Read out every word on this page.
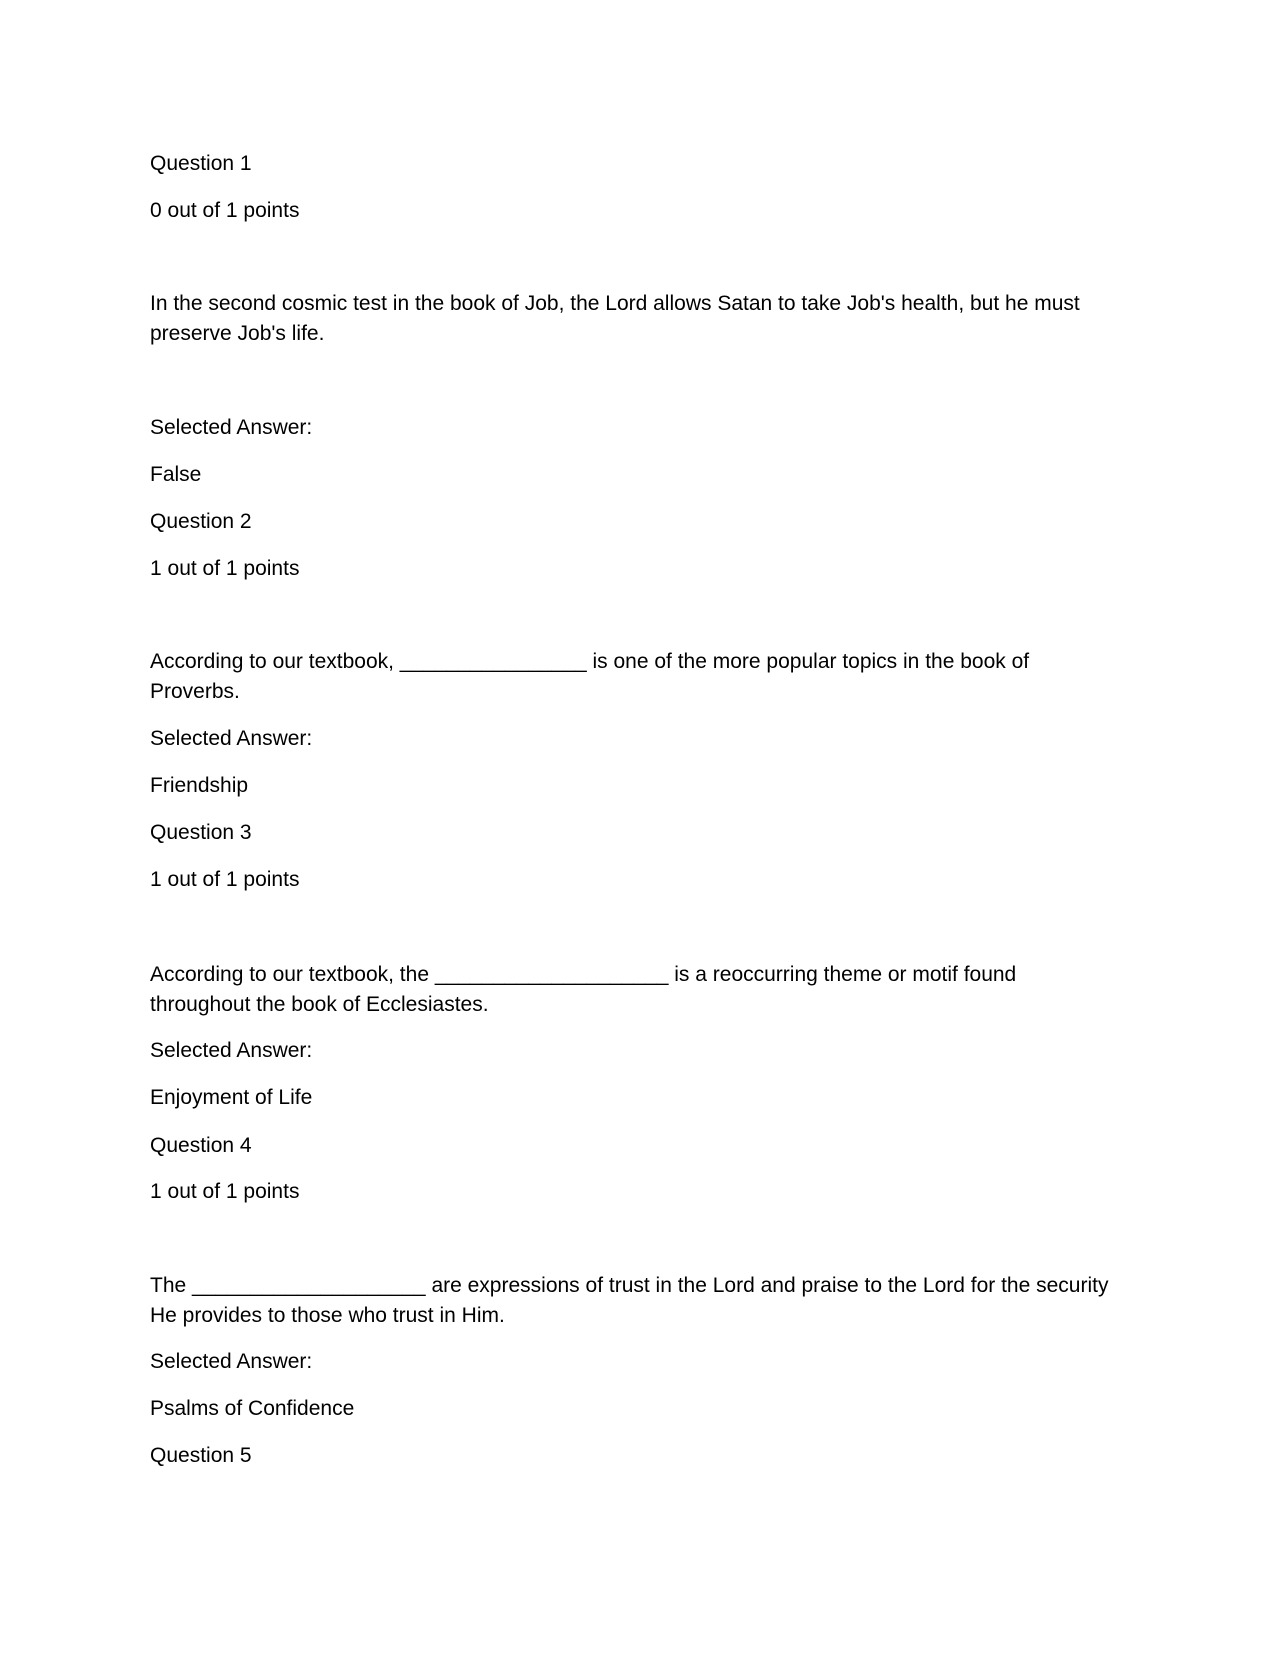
Question 1

0 out of 1 points

In the second cosmic test in the book of Job, the Lord allows Satan to take Job's health, but he must preserve Job's life.

Selected Answer:

False

Question 2

1 out of 1 points

According to our textbook, ________________ is one of the more popular topics in the book of Proverbs.

Selected Answer:

Friendship

Question 3

1 out of 1 points

According to our textbook, the ____________________ is a reoccurring theme or motif found throughout the book of Ecclesiastes.

Selected Answer:

Enjoyment of Life

Question 4

1 out of 1 points

The ____________________ are expressions of trust in the Lord and praise to the Lord for the security He provides to those who trust in Him.

Selected Answer:

Psalms of Confidence

Question 5
